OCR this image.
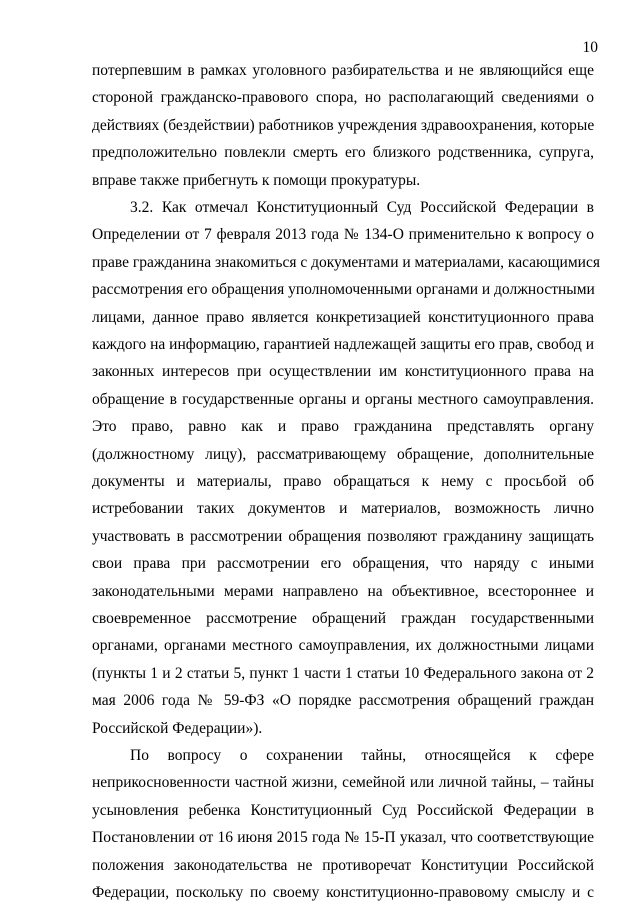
10
потерпевшим в рамках уголовного разбирательства и не являющийся еще
стороной гражданско-правового спора, но располагающий сведениями о
действиях (бездействии) работников учреждения здравоохранения, которые
предположительно повлекли смерть его близкого родственника, супруга,
вправе также прибегнуть к помощи прокуратуры.
3.2. Как отмечал Конституционный Суд Российской Федерации в
Определении от 7 февраля 2013 года № 134-О применительно к вопросу о
праве гражданина знакомиться с документами и материалами, касающимися
рассмотрения его обращения уполномоченными органами и должностными
лицами, данное право является конкретизацией конституционного права
каждого на информацию, гарантией надлежащей защиты его прав, свобод и
законных интересов при осуществлении им конституционного права на
обращение в государственные органы и органы местного самоуправления.
Это право, равно как и право гражданина представлять органу
(должностному лицу), рассматривающему обращение, дополнительные
документы и материалы, право обращаться к нему с просьбой об
истребовании таких документов и материалов, возможность лично
участвовать в рассмотрении обращения позволяют гражданину защищать
свои права при рассмотрении его обращения, что наряду с иными
законодательными мерами направлено на объективное, всестороннее и
своевременное рассмотрение обращений граждан государственными
органами, органами местного самоуправления, их должностными лицами
(пункты 1 и 2 статьи 5, пункт 1 части 1 статьи 10 Федерального закона от 2
мая 2006 года № 59-ФЗ «О порядке рассмотрения обращений граждан
Российской Федерации»).
По вопросу о сохранении тайны, относящейся к сфере
неприкосновенности частной жизни, семейной или личной тайны, – тайны
усыновления ребенка Конституционный Суд Российской Федерации в
Постановлении от 16 июня 2015 года № 15-П указал, что соответствующие
положения законодательства не противоречат Конституции Российской
Федерации, поскольку по своему конституционно-правовому смыслу и с
